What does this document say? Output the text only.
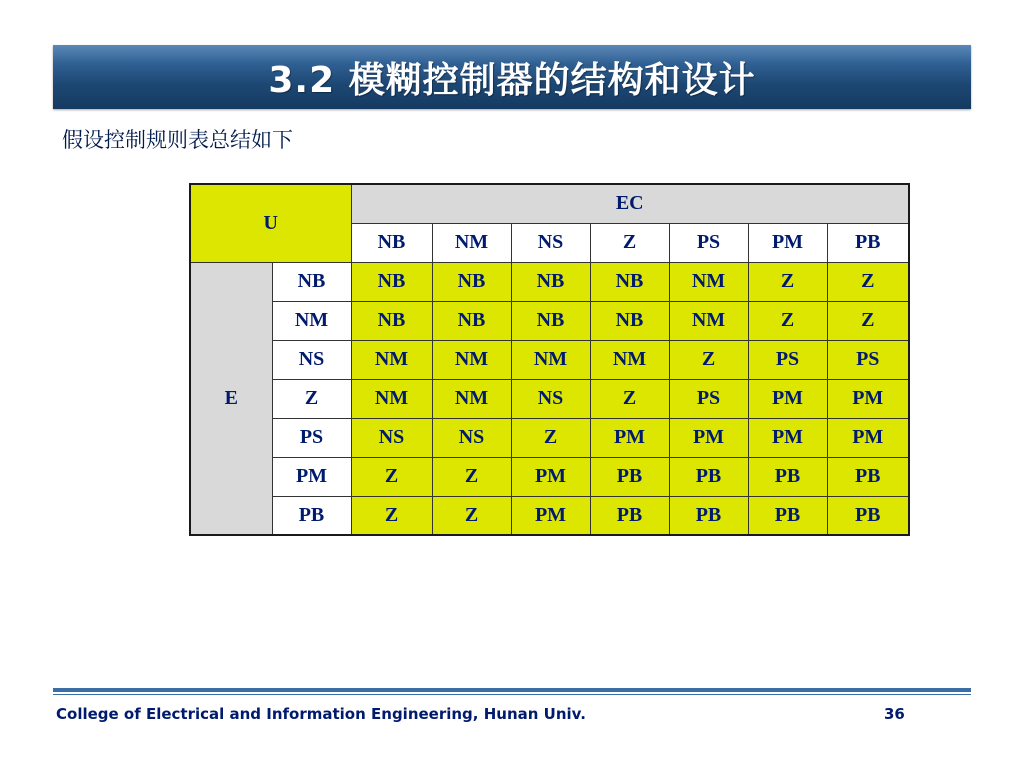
3.2 模糊控制器的结构和设计
假设控制规则表总结如下
U		EC						
		NB	NM	NS	Z	PS	PM	PB
E	NB	NB	NB	NB	NB	NM	Z	Z
	NM	NB	NB	NB	NB	NM	Z	Z
	NS	NM	NM	NM	NM	Z	PS	PS
	Z	NM	NM	NS	Z	PS	PM	PM
	PS	NS	NS	Z	PM	PM	PM	PM
	PM	Z	Z	PM	PB	PB	PB	PB
	PB	Z	Z	PM	PB	PB	PB	PB
College of Electrical and Information Engineering, Hunan Univ.	36
